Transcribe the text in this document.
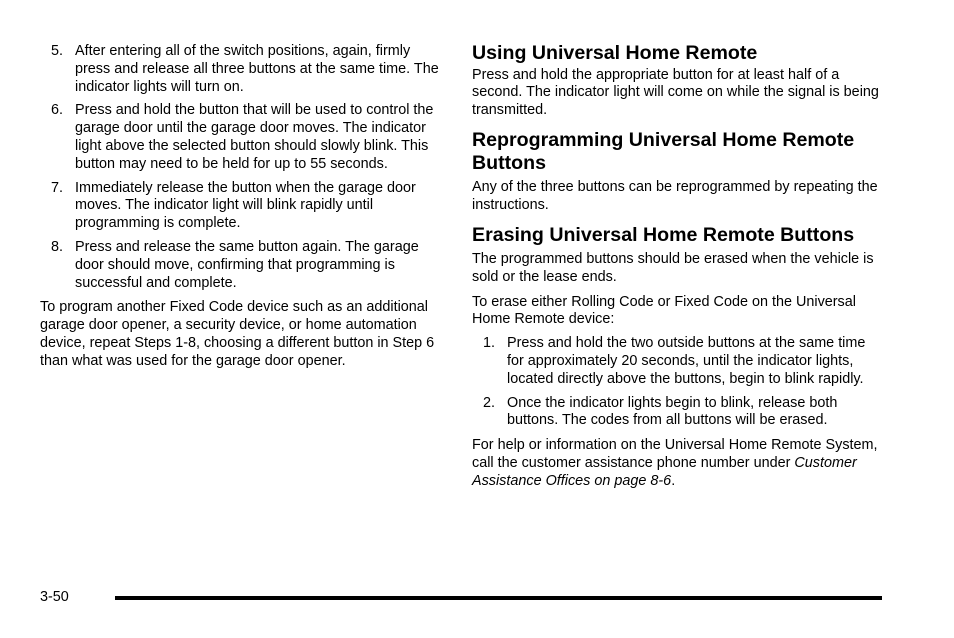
5. After entering all of the switch positions, again, firmly press and release all three buttons at the same time. The indicator lights will turn on.
6. Press and hold the button that will be used to control the garage door until the garage door moves. The indicator light above the selected button should slowly blink. This button may need to be held for up to 55 seconds.
7. Immediately release the button when the garage door moves. The indicator light will blink rapidly until programming is complete.
8. Press and release the same button again. The garage door should move, confirming that programming is successful and complete.

To program another Fixed Code device such as an additional garage door opener, a security device, or home automation device, repeat Steps 1-8, choosing a different button in Step 6 than what was used for the garage door opener.

Using Universal Home Remote

Press and hold the appropriate button for at least half of a second. The indicator light will come on while the signal is being transmitted.

Reprogramming Universal Home Remote Buttons

Any of the three buttons can be reprogrammed by repeating the instructions.

Erasing Universal Home Remote Buttons

The programmed buttons should be erased when the vehicle is sold or the lease ends.

To erase either Rolling Code or Fixed Code on the Universal Home Remote device:

1. Press and hold the two outside buttons at the same time for approximately 20 seconds, until the indicator lights, located directly above the buttons, begin to blink rapidly.
2. Once the indicator lights begin to blink, release both buttons. The codes from all buttons will be erased.

For help or information on the Universal Home Remote System, call the customer assistance phone number under Customer Assistance Offices on page 8-6.

3-50
